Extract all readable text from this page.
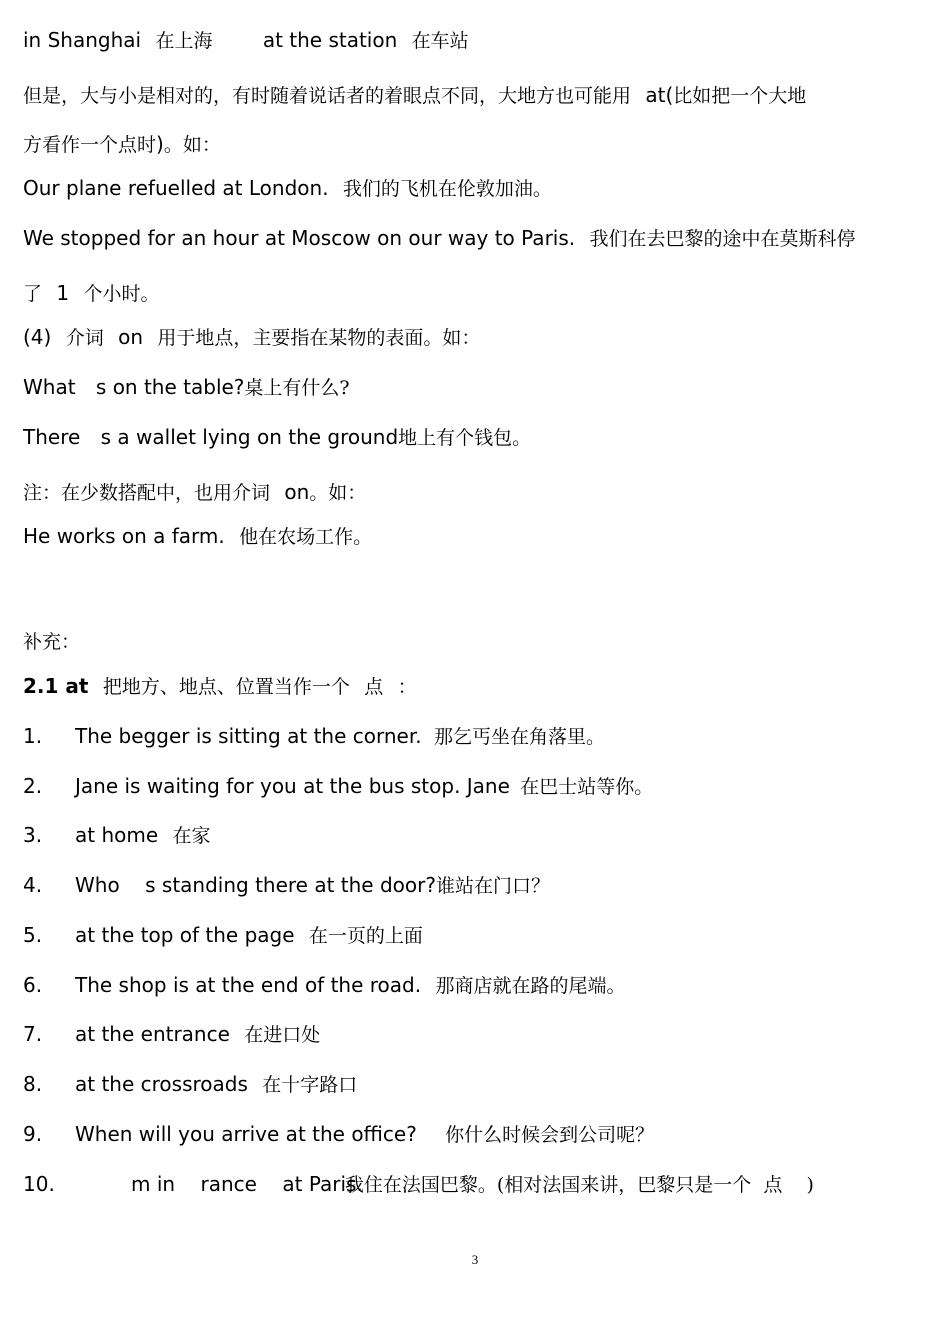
in Shanghai 在上海	at the station 在车站
但是，大与小是相对的，有时随着说话者的着眼点不同，大地方也可能用 at(比如把一个大地
方看作一个点时)。如：
Our plane refuelled at London. 我们的飞机在伦敦加油。
We stopped for an hour at Moscow on our way to Paris. 我们在去巴黎的途中在莫斯科停
了 1 个小时。
(4) 介词 on 用于地点，主要指在某物的表面。如：
What s on the table?桌上有什么?
There s a wallet lying on the ground地上有个钱包。
注：在少数搭配中，也用介词 on。如：
He works on a farm. 他在农场工作。
补充：
2.1 at 把地方、地点、位置当作一个 点 ：
1. The begger is sitting at the corner. 那乞丐坐在角落里。
2. Jane is waiting for you at the bus stop. Jane 在巴士站等你。
3. at home 在家
4. Who    s standing there at the door?谁站在门口？
5. at the top of the page 在一页的上面
6. The shop is at the end of the road. 那商店就在路的尾端。
7. at the entrance 在进口处
8. at the crossroads 在十字路口
9. When will you arrive at the office? 你什么时候会到公司呢？
10.	m in    rance    at Paris.我住在法国巴黎。(相对法国来讲，巴黎只是一个  点    )
3
